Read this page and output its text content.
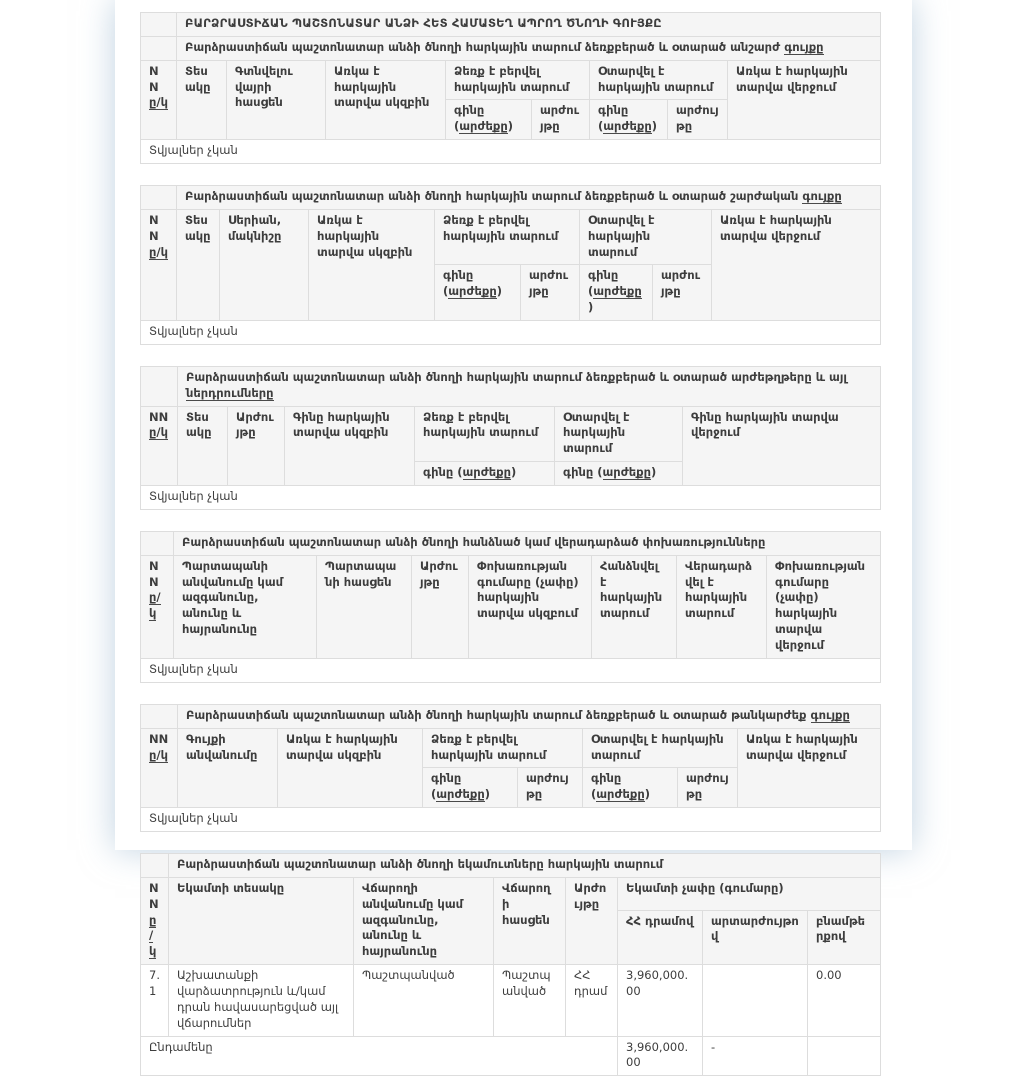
	ԲԱՐՁՐԱՍՏԻՃԱՆ ՊԱՇՏՈՆԱՏԱՐ ԱՆՁԻ ՀԵՏ ՀԱՄԱՏԵՂ ԱՊՐՈՂ ԾՆՈՂԻ ԳՈՒՅՔԸ							
	Բարձրաստիճան պաշտոնատար անձի ծնողի հարկային տարում ձեռքբերած և օտարած անշարժ գույքը							
NN ը/կ	Տեսակը	Գտնվելու վայրի հասցեն	Առկա է հարկային տարվա սկզբին	Ձեռք է բերվել հարկային տարում		Օտարվել է հարկային տարում		Առկա է հարկային տարվա վերջում
				գինը (արժեքը)	արժույթը	գինը (արժեքը)	արժույթը	
Տվյալներ չկան								
	Բարձրաստիճան պաշտոնատար անձի ծնողի հարկային տարում ձեռքբերած և օտարած շարժական գույքը							
NN ը/կ	Տեսակը	Սերիան, մակնիշը	Առկա է հարկային տարվա սկզբին	Ձեռք է բերվել հարկային տարում		Օտարվել է հարկային տարում		Առկա է հարկային տարվա վերջում
				գինը (արժեքը)	արժույթը	գինը (արժեքը)	արժույթը	
Տվյալներ չկան								
	Բարձրաստիճան պաշտոնատար անձի ծնողի հարկային տարում ձեռքբերած և օտարած արժեթղթերը և այլ ներդրումները					
NN ը/կ	Տեսակը	Արժույթը	Գինը հարկային տարվա սկզբին	Ձեռք է բերվել հարկային տարում	Օտարվել է հարկային տարում	Գինը հարկային տարվա վերջում
				գինը (արժեքը)	գինը (արժեքը)	
Տվյալներ չկան						
	Բարձրաստիճան պաշտոնատար անձի ծնողի հանձնած կամ վերադարձած փոխառությունները						
NN ը/կ	Պարտապանի անվանումը կամ ազգանունը, անունը և հայրանունը	Պարտապանի հասցեն	Արժույթը	Փոխառության գումարը (չափը) հարկային տարվա սկզբում	Հանձնվել է հարկային տարում	Վերադարձվել է հարկային տարում	Փոխառության գումարը (չափը) հարկային տարվա վերջում
Տվյալներ չկան							
	Բարձրաստիճան պաշտոնատար անձի ծնողի հարկային տարում ձեռքբերած և օտարած թանկարժեք գույքը						
NN ը/կ	Գույքի անվանումը	Առկա է հարկային տարվա սկզբին	Ձեռք է բերվել հարկային տարում		Օտարվել է հարկային տարում		Առկա է հարկային տարվա վերջում
			գինը (արժեքը)	արժույթը	գինը (արժեքը)	արժույթը	
Տվյալներ չկան							
	Բարձրաստիճան պաշտոնատար անձի ծնողի եկամուտները հարկային տարում						
NN ը/կ	Եկամտի տեսակը	Վճարողի անվանումը կամ ազգանունը, անունը և հայրանունը	Վճարողի հասցեն	Արժույթը	Եկամտի չափը (գումարը)		
					ՀՀ դրամով	արտարժույթով	բնամթերքով
7.1	Աշխատանքի վարձատրություն և/կամ դրան հավասարեցված այլ վճարումներ	Պաշտպանված	Պաշտպանված	ՀՀ դրամ	3,960,000.00		0.00
Ընդամենը					3,960,000.00	-	
